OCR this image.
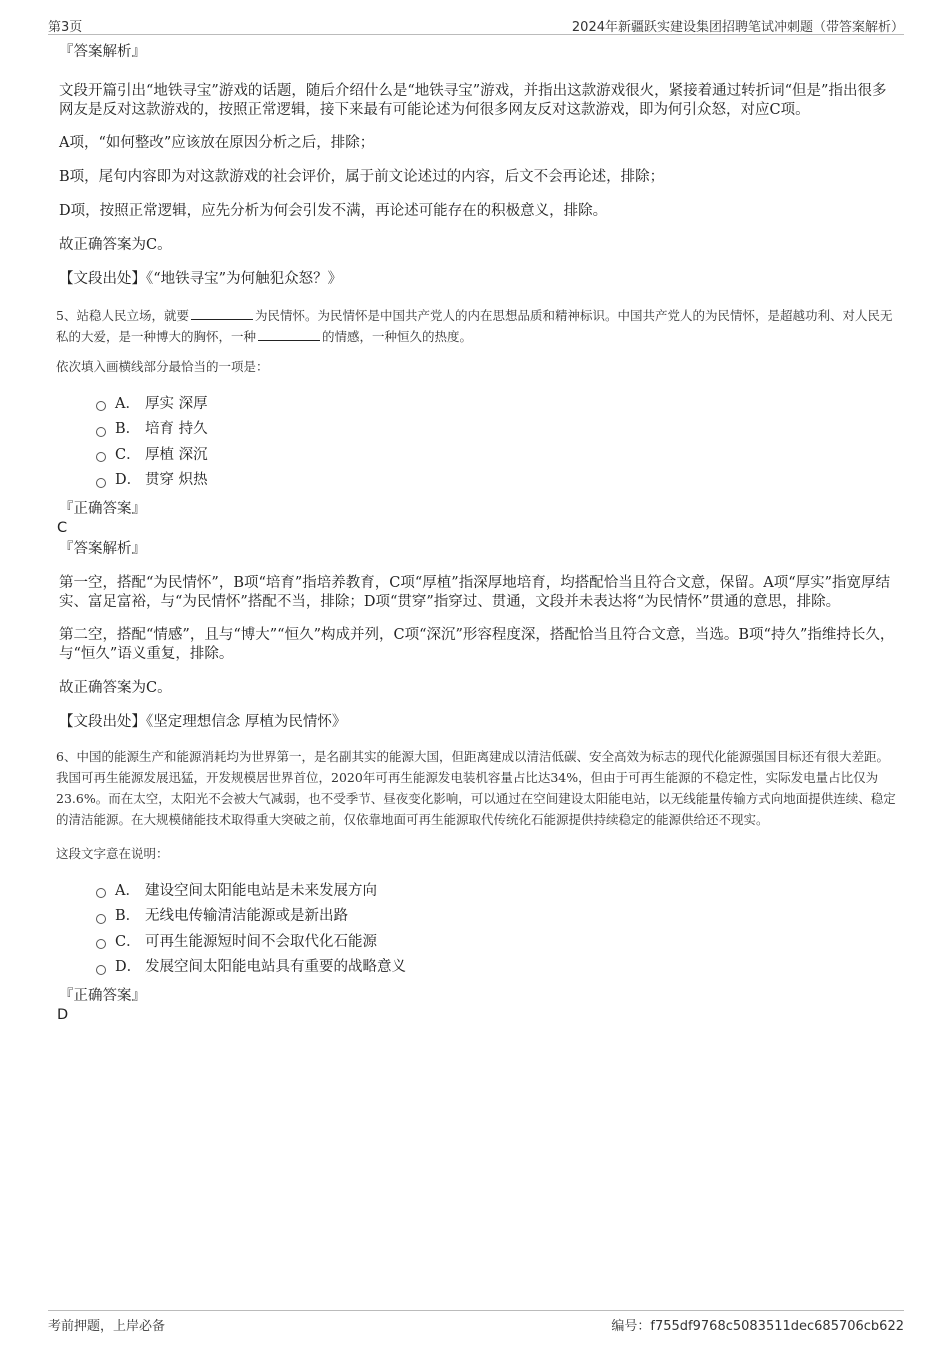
第3页	2024年新疆跃实建设集团招聘笔试冲刺题（带答案解析）
『答案解析』
文段开篇引出“地铁寻宝”游戏的话题，随后介绍什么是“地铁寻宝”游戏，并指出这款游戏很火，紧接着通过转折词“但是”指出很多网友是反对这款游戏的，按照正常逻辑，接下来最有可能论述为何很多网友反对这款游戏，即为何引众怒，对应C项。
A项，“如何整改”应该放在原因分析之后，排除；
B项，尾句内容即为对这款游戏的社会评价，属于前文论述过的内容，后文不会再论述，排除；
D项，按照正常逻辑，应先分析为何会引发不满，再论述可能存在的积极意义，排除。
故正确答案为C。
【文段出处】《“地铁寻宝”为何触犯众怒？》
5、站稳人民立场，就要	为民情怀。为民情怀是中国共产党人的内在思想品质和精神标识。中国共产党人的为民情怀，是超越功利、对人民无私的大爱，是一种博大的胸怀，一种	的情感，一种恒久的热度。
依次填入画横线部分最恰当的一项是：
A． 厚实 深厚
B． 培育 持久
C． 厚植 深沉
D． 贯穿 炽热
『正确答案』
C
『答案解析』
第一空，搭配“为民情怀”，B项“培育”指培养教育，C项“厚植”指深厚地培育，均搭配恰当且符合文意，保留。A项“厚实”指宽厚结实、富足富裕，与“为民情怀”搭配不当，排除；D项“贯穿”指穿过、贯通，文段并未表达将“为民情怀”贯通的意思，排除。
第二空，搭配“情感”，且与“博大”“恒久”构成并列，C项“深沉”形容程度深，搭配恰当且符合文意，当选。B项“持久”指维持长久，与“恒久”语义重复，排除。
故正确答案为C。
【文段出处】《坚定理想信念 厚植为民情怀》
6、中国的能源生产和能源消耗均为世界第一，是名副其实的能源大国，但距离建成以清洁低碳、安全高效为标志的现代化能源强国目标还有很大差距。我国可再生能源发展迅猛，开发规模居世界首位，2020年可再生能源发电装机容量占比达34%，但由于可再生能源的不稳定性，实际发电量占比仅为23.6%。而在太空，太阳光不会被大气减弱，也不受季节、昼夜变化影响，可以通过在空间建设太阳能电站，以无线能量传输方式向地面提供连续、稳定的清洁能源。在大规模储能技术取得重大突破之前，仅依靠地面可再生能源取代传统化石能源提供持续稳定的能源供给还不现实。
这段文字意在说明：
A． 建设空间太阳能电站是未来发展方向
B． 无线电传输清洁能源或是新出路
C． 可再生能源短时间不会取代化石能源
D． 发展空间太阳能电站具有重要的战略意义
『正确答案』
D
考前押题，上岸必备	编号：f755df9768c5083511dec685706cb622
